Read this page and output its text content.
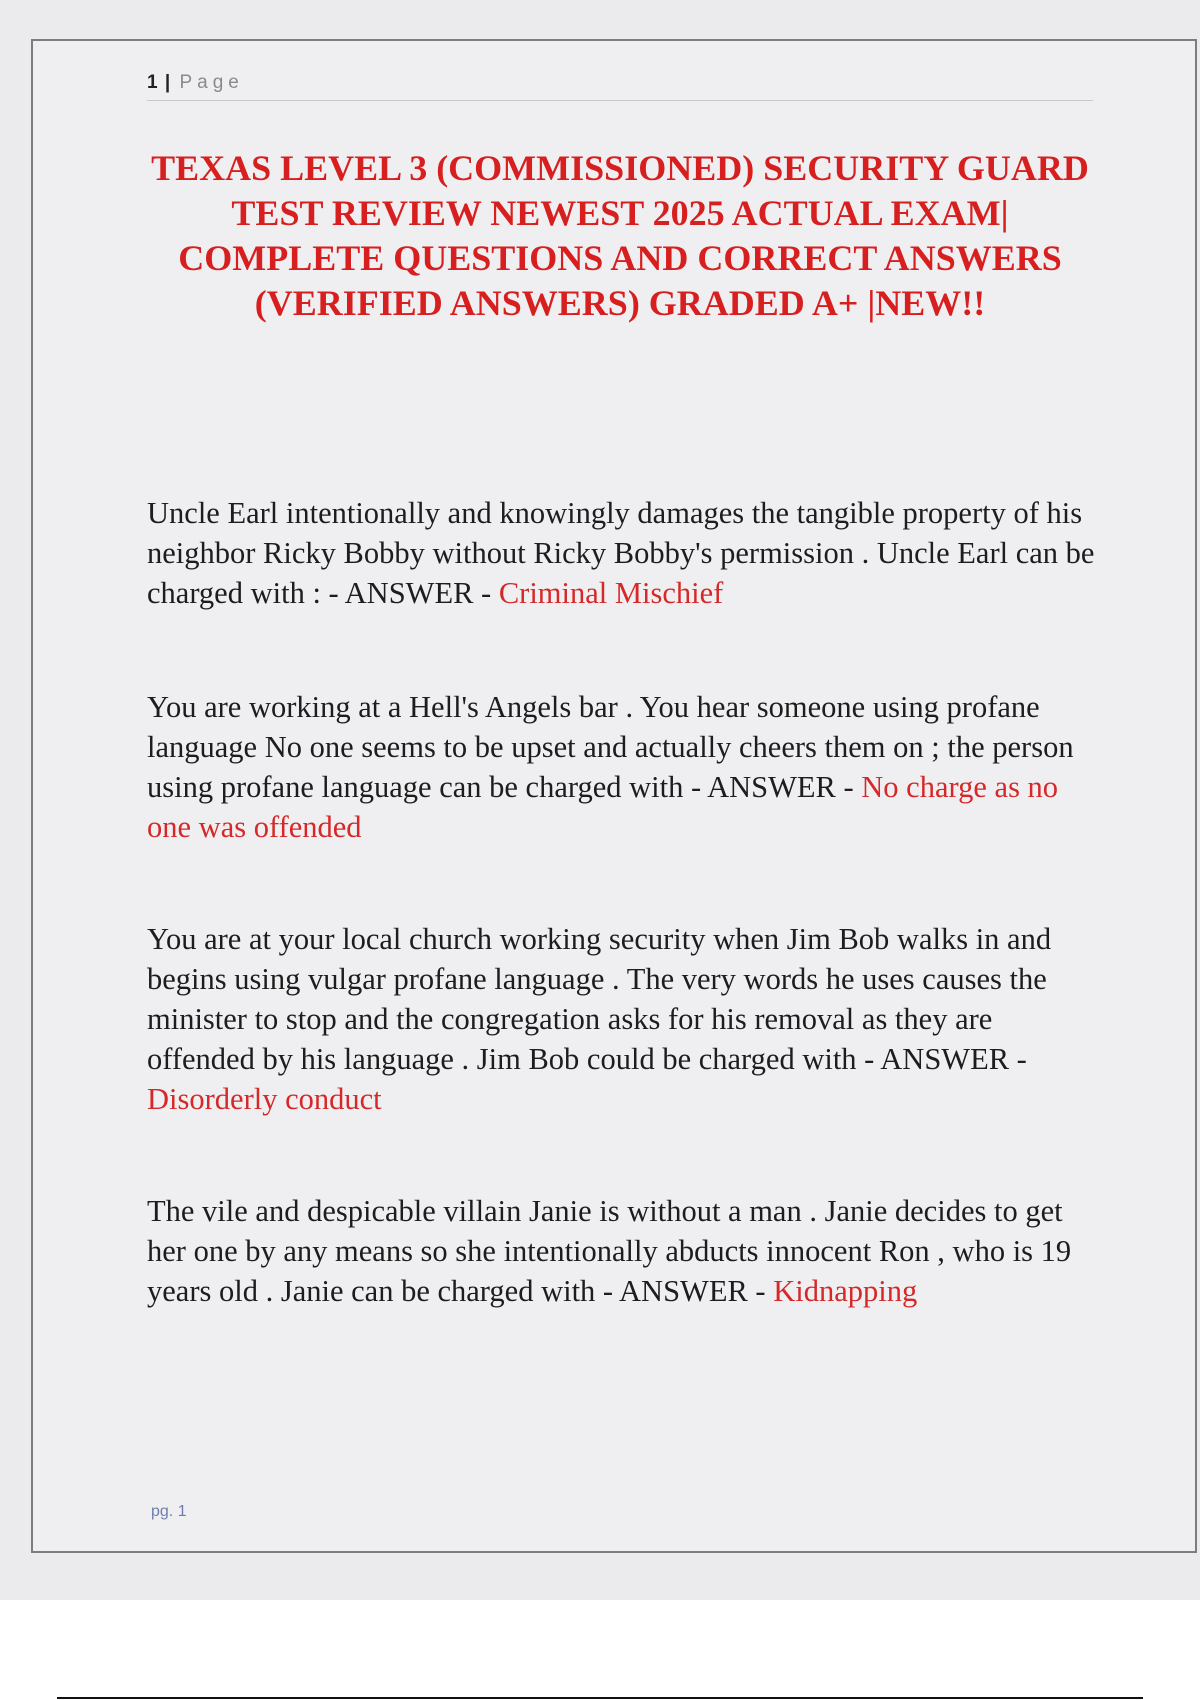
1 | Page
TEXAS LEVEL 3 (COMMISSIONED) SECURITY GUARD TEST REVIEW NEWEST 2025 ACTUAL EXAM| COMPLETE QUESTIONS AND CORRECT ANSWERS (VERIFIED ANSWERS) GRADED A+ |NEW!!
Uncle Earl intentionally and knowingly damages the tangible property of his neighbor Ricky Bobby without Ricky Bobby's permission . Uncle Earl can be charged with : - ANSWER - Criminal Mischief
You are working at a Hell's Angels bar . You hear someone using profane language No one seems to be upset and actually cheers them on ; the person using profane language can be charged with - ANSWER - No charge as no one was offended
You are at your local church working security when Jim Bob walks in and begins using vulgar profane language . The very words he uses causes the minister to stop and the congregation asks for his removal as they are offended by his language . Jim Bob could be charged with - ANSWER - Disorderly conduct
The vile and despicable villain Janie is without a man . Janie decides to get her one by any means so she intentionally abducts innocent Ron , who is 19 years old . Janie can be charged with - ANSWER - Kidnapping
pg. 1
